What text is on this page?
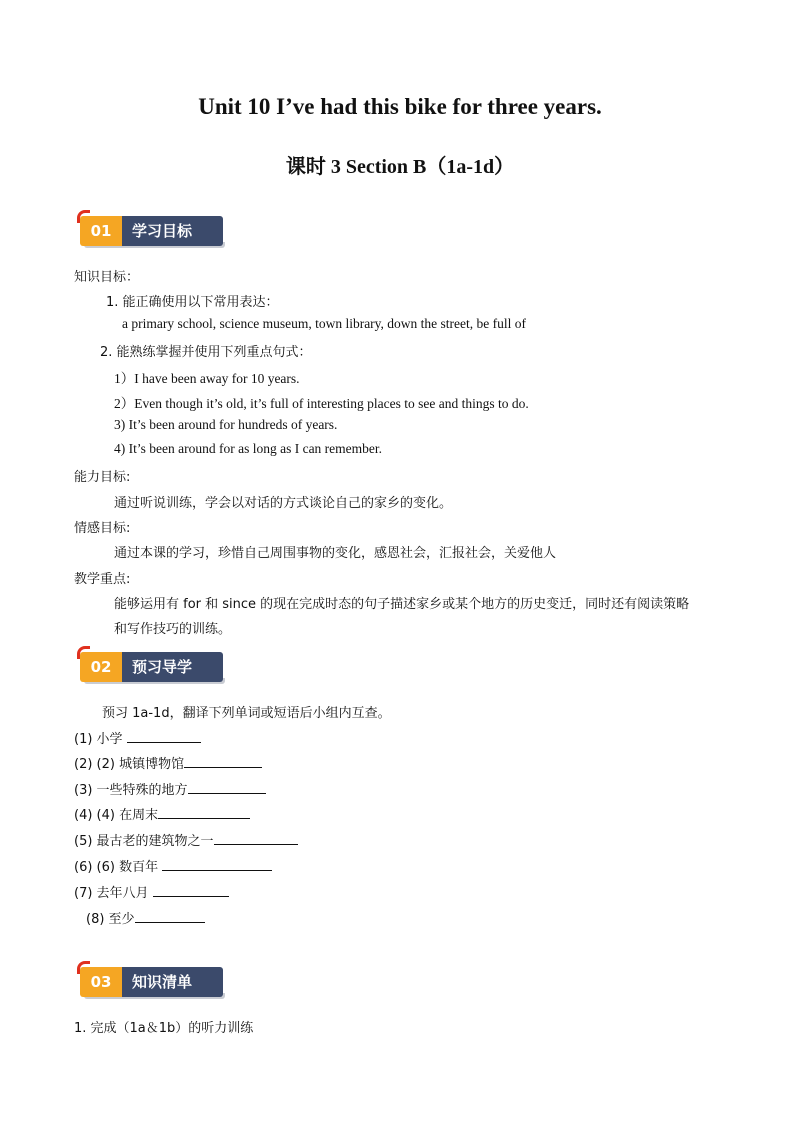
Unit 10 I’ve had this bike for three years.
课时 3 Section B（1a-1d）
01	学习目标
知识目标：
1. 能正确使用以下常用表达：
a primary school, science museum, town library, down the street, be full of
2. 能熟练掌握并使用下列重点句式：
1）I have been away for 10 years.
2）Even though it’s old, it’s full of interesting places to see and things to do.
3) It’s been around for hundreds of years.
4) It’s been around for as long as I can remember.
能力目标:
通过听说训练，学会以对话的方式谈论自己的家乡的变化。
情感目标:
通过本课的学习，珍惜自己周围事物的变化，感恩社会，汇报社会，关爱他人
教学重点:
能够运用有 for 和 since 的现在完成时态的句子描述家乡或某个地方的历史变迁，同时还有阅读策略
和写作技巧的训练。
02	预习导学
预习 1a-1d，翻译下列单词或短语后小组内互查。
(1) 小学
(2) (2) 城镇博物馆
(3) 一些特殊的地方
(4) (4) 在周末
(5) 最古老的建筑物之一
(6) (6) 数百年
(7) 去年八月
(8) 至少
03	知识清单
1. 完成（1a＆1b）的听力训练
